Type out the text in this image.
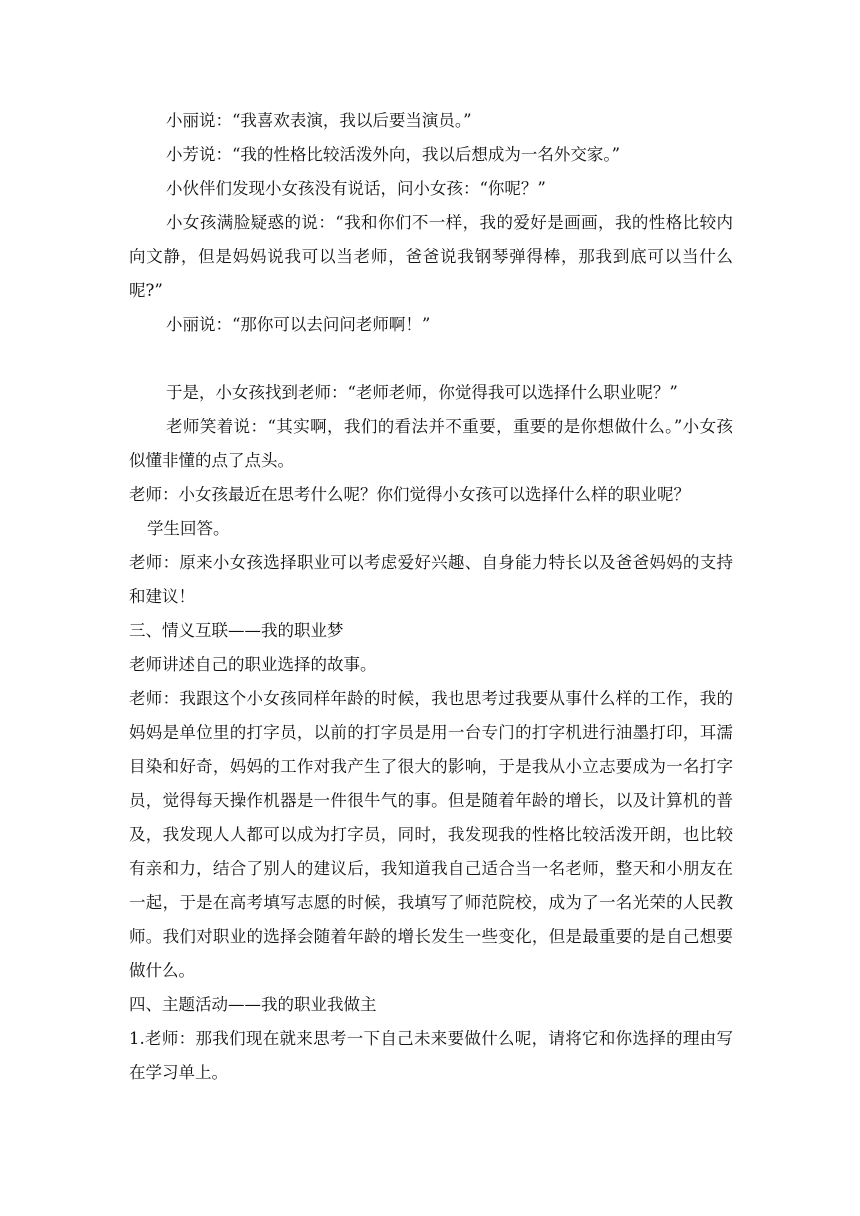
小丽说：“我喜欢表演，我以后要当演员。”

小芳说：“我的性格比较活泼外向，我以后想成为一名外交家。”

小伙伴们发现小女孩没有说话，问小女孩：“你呢？”

小女孩满脸疑惑的说：“我和你们不一样，我的爱好是画画，我的性格比较内向文静，但是妈妈说我可以当老师，爸爸说我钢琴弹得棒，那我到底可以当什么呢?”

小丽说：“那你可以去问问老师啊！”

于是，小女孩找到老师：“老师老师，你觉得我可以选择什么职业呢？”

老师笑着说：“其实啊，我们的看法并不重要，重要的是你想做什么。”小女孩似懂非懂的点了点头。

老师：小女孩最近在思考什么呢？你们觉得小女孩可以选择什么样的职业呢？

学生回答。

老师：原来小女孩选择职业可以考虑爱好兴趣、自身能力特长以及爸爸妈妈的支持和建议！

三、情义互联——我的职业梦

老师讲述自己的职业选择的故事。

老师：我跟这个小女孩同样年龄的时候，我也思考过我要从事什么样的工作，我的妈妈是单位里的打字员，以前的打字员是用一台专门的打字机进行油墨打印，耳濡目染和好奇，妈妈的工作对我产生了很大的影响，于是我从小立志要成为一名打字员，觉得每天操作机器是一件很牛气的事。但是随着年龄的增长，以及计算机的普及，我发现人人都可以成为打字员，同时，我发现我的性格比较活泼开朗，也比较有亲和力，结合了别人的建议后，我知道我自己适合当一名老师，整天和小朋友在一起，于是在高考填写志愿的时候，我填写了师范院校，成为了一名光荣的人民教师。我们对职业的选择会随着年龄的增长发生一些变化，但是最重要的是自己想要做什么。

四、主题活动——我的职业我做主

1.老师：那我们现在就来思考一下自己未来要做什么呢，请将它和你选择的理由写在学习单上。
